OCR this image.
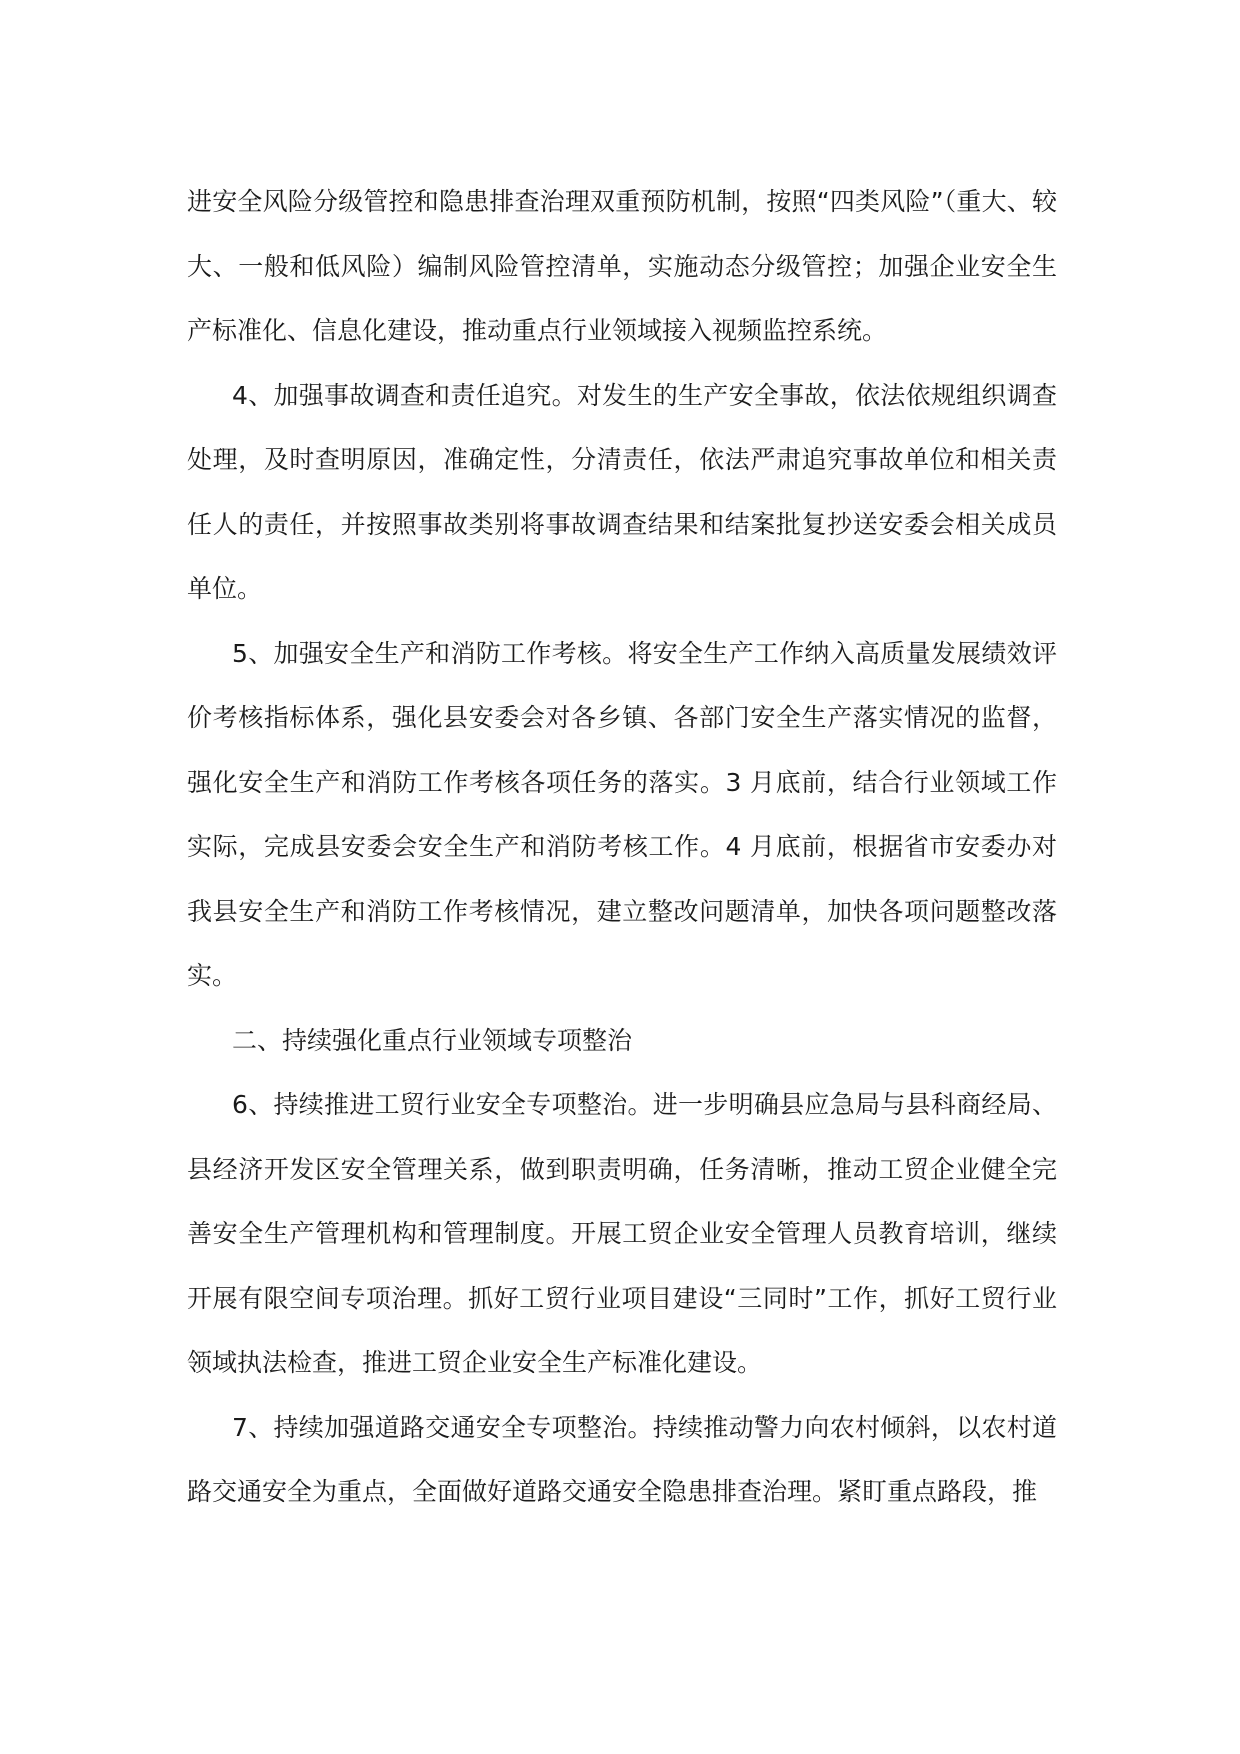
进安全风险分级管控和隐患排查治理双重预防机制，按照“四类风险”（重大、较大、一般和低风险）编制风险管控清单，实施动态分级管控；加强企业安全生产标准化、信息化建设，推动重点行业领域接入视频监控系统。

4、加强事故调查和责任追究。对发生的生产安全事故，依法依规组织调查处理，及时查明原因，准确定性，分清责任，依法严肃追究事故单位和相关责任人的责任，并按照事故类别将事故调查结果和结案批复抄送安委会相关成员单位。

5、加强安全生产和消防工作考核。将安全生产工作纳入高质量发展绩效评价考核指标体系，强化县安委会对各乡镇、各部门安全生产落实情况的监督，强化安全生产和消防工作考核各项任务的落实。3 月底前，结合行业领域工作实际，完成县安委会安全生产和消防考核工作。4 月底前，根据省市安委办对我县安全生产和消防工作考核情况，建立整改问题清单，加快各项问题整改落实。

二、持续强化重点行业领域专项整治

6、持续推进工贸行业安全专项整治。进一步明确县应急局与县科商经局、县经济开发区安全管理关系，做到职责明确，任务清晰，推动工贸企业健全完善安全生产管理机构和管理制度。开展工贸企业安全管理人员教育培训，继续开展有限空间专项治理。抓好工贸行业项目建设“三同时”工作，抓好工贸行业领域执法检查，推进工贸企业安全生产标准化建设。

7、持续加强道路交通安全专项整治。持续推动警力向农村倾斜，以农村道路交通安全为重点，全面做好道路交通安全隐患排查治理。紧盯重点路段，推
